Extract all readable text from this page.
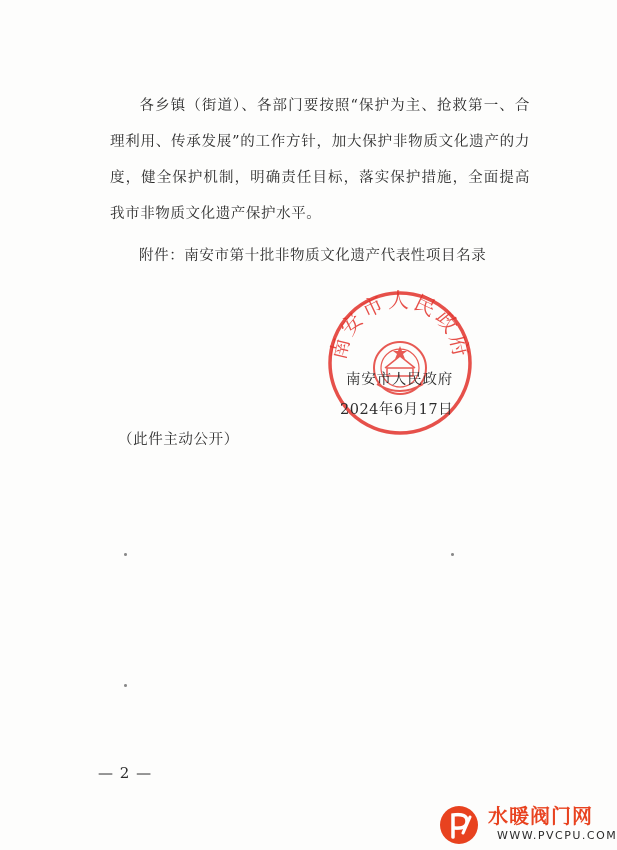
各乡镇（街道）、各部门要按照“保护为主、抢救第一、合理利用、传承发展”的工作方针，加大保护非物质文化遗产的力度，健全保护机制，明确责任目标，落实保护措施，全面提高我市非物质文化遗产保护水平。

附件：南安市第十批非物质文化遗产代表性项目名录
南安市人民政府
南安市人民政府
2024年6月17日
（此件主动公开）
— 2 —
水暖阀门网
WWW.PVCPU.COM
